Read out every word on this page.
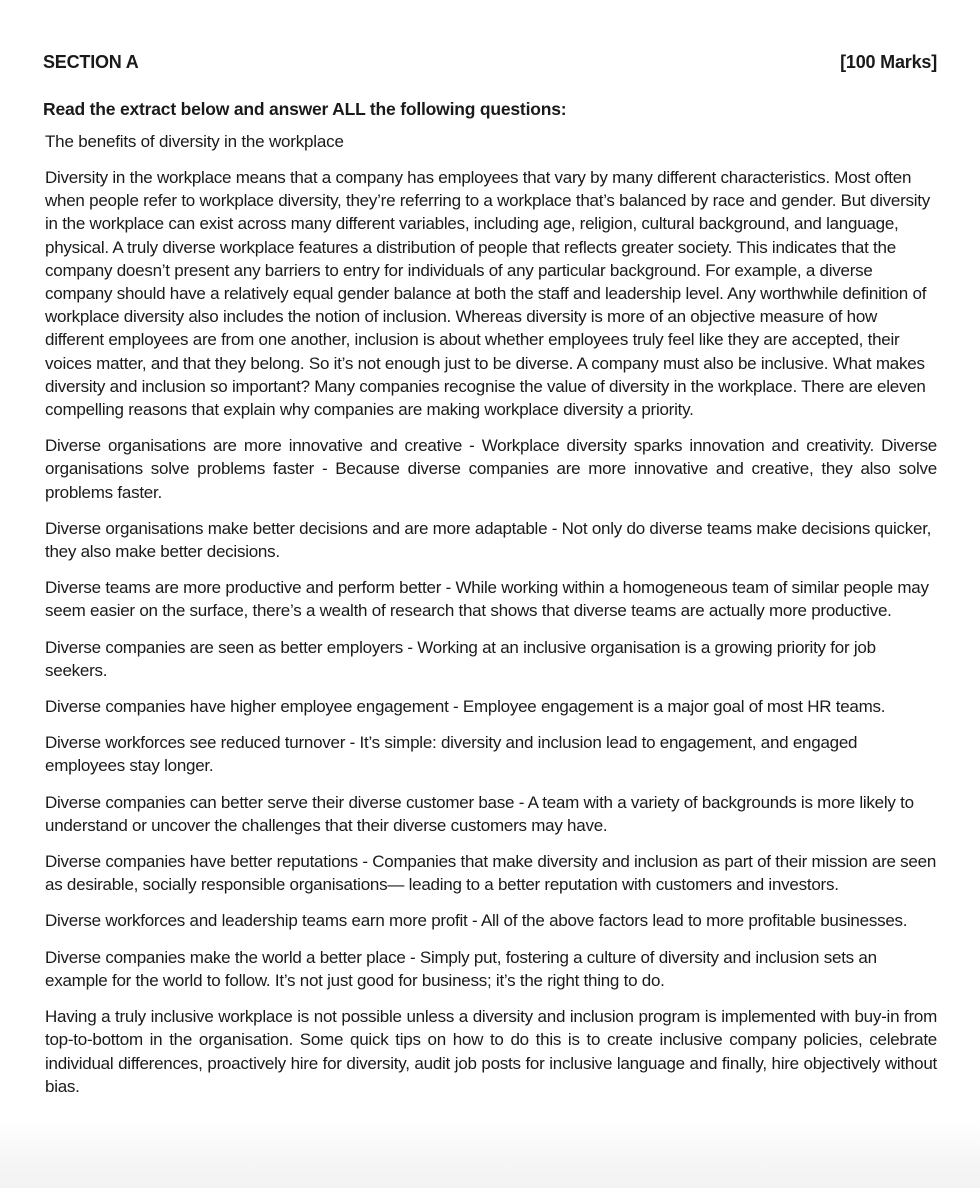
SECTION A	[100 Marks]
Read the extract below and answer ALL the following questions:
The benefits of diversity in the workplace
Diversity in the workplace means that a company has employees that vary by many different characteristics. Most often when people refer to workplace diversity, they’re referring to a workplace that’s balanced by race and gender. But diversity in the workplace can exist across many different variables, including age, religion, cultural background, and language, physical. A truly diverse workplace features a distribution of people that reflects greater society. This indicates that the company doesn’t present any barriers to entry for individuals of any particular background. For example, a diverse company should have a relatively equal gender balance at both the staff and leadership level. Any worthwhile definition of workplace diversity also includes the notion of inclusion. Whereas diversity is more of an objective measure of how different employees are from one another, inclusion is about whether employees truly feel like they are accepted, their voices matter, and that they belong. So it’s not enough just to be diverse. A company must also be inclusive. What makes diversity and inclusion so important? Many companies recognise the value of diversity in the workplace. There are eleven compelling reasons that explain why companies are making workplace diversity a priority.
Diverse organisations are more innovative and creative - Workplace diversity sparks innovation and creativity. Diverse organisations solve problems faster - Because diverse companies are more innovative and creative, they also solve problems faster.
Diverse organisations make better decisions and are more adaptable - Not only do diverse teams make decisions quicker, they also make better decisions.
Diverse teams are more productive and perform better - While working within a homogeneous team of similar people may seem easier on the surface, there’s a wealth of research that shows that diverse teams are actually more productive.
Diverse companies are seen as better employers - Working at an inclusive organisation is a growing priority for job seekers.
Diverse companies have higher employee engagement - Employee engagement is a major goal of most HR teams.
Diverse workforces see reduced turnover - It’s simple: diversity and inclusion lead to engagement, and engaged employees stay longer.
Diverse companies can better serve their diverse customer base - A team with a variety of backgrounds is more likely to understand or uncover the challenges that their diverse customers may have.
Diverse companies have better reputations - Companies that make diversity and inclusion as part of their mission are seen as desirable, socially responsible organisations— leading to a better reputation with customers and investors.
Diverse workforces and leadership teams earn more profit - All of the above factors lead to more profitable businesses.
Diverse companies make the world a better place - Simply put, fostering a culture of diversity and inclusion sets an example for the world to follow. It’s not just good for business; it’s the right thing to do.
Having a truly inclusive workplace is not possible unless a diversity and inclusion program is implemented with buy-in from top-to-bottom in the organisation. Some quick tips on how to do this is to create inclusive company policies, celebrate individual differences, proactively hire for diversity, audit job posts for inclusive language and finally, hire objectively without bias.
